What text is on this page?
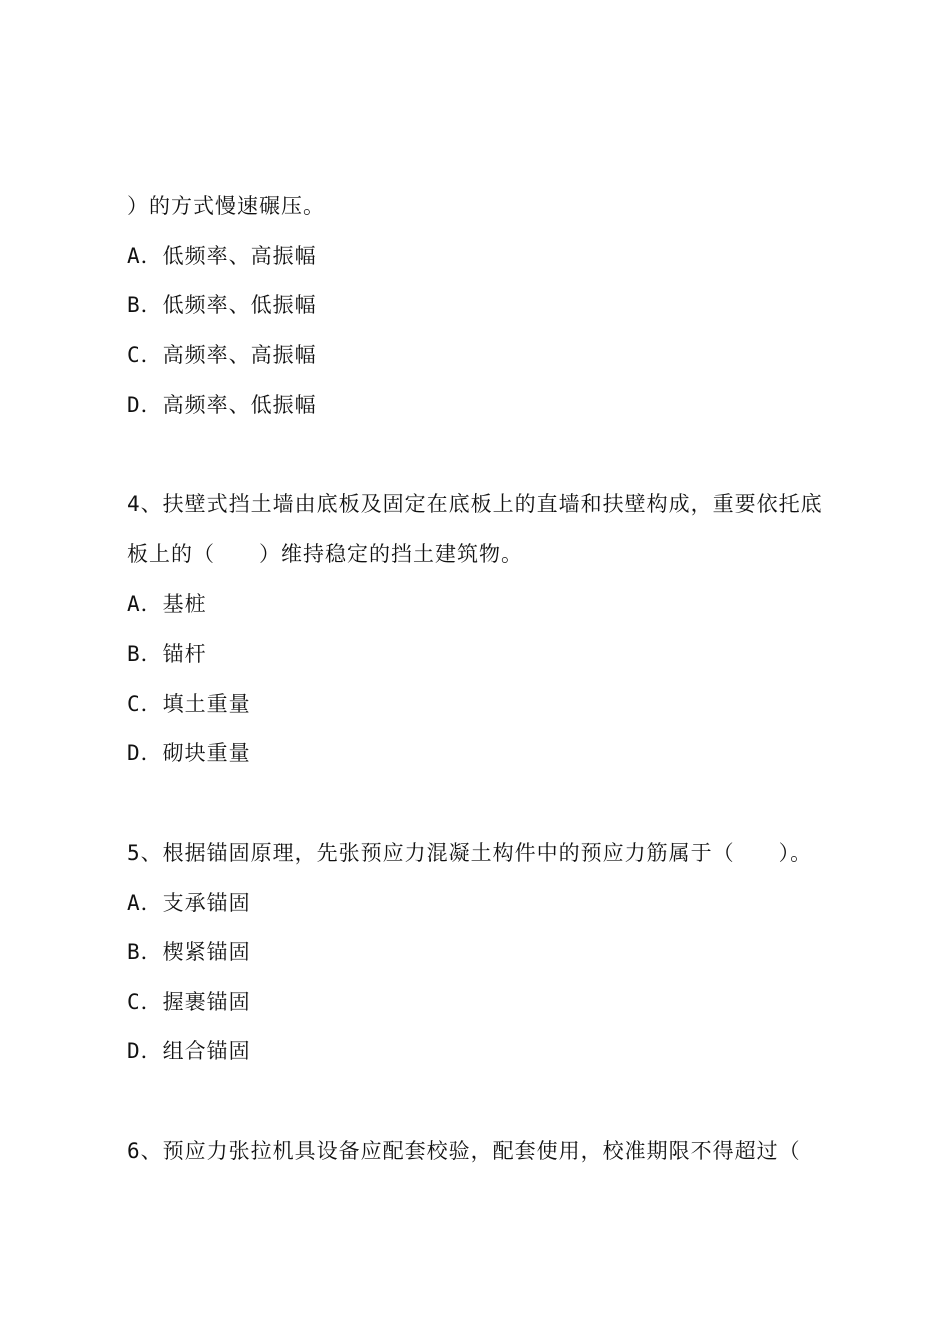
）的方式慢速碾压。
A．低频率、高振幅
B．低频率、低振幅
C．高频率、高振幅
D．高频率、低振幅
4、扶壁式挡土墙由底板及固定在底板上的直墙和扶壁构成，重要依托底
板上的（　　）维持稳定的挡土建筑物。
A．基桩
B．锚杆
C．填土重量
D．砌块重量
5、根据锚固原理，先张预应力混凝土构件中的预应力筋属于（　　）。
A．支承锚固
B．楔紧锚固
C．握裹锚固
D．组合锚固
6、预应力张拉机具设备应配套校验，配套使用，校准期限不得超过（
